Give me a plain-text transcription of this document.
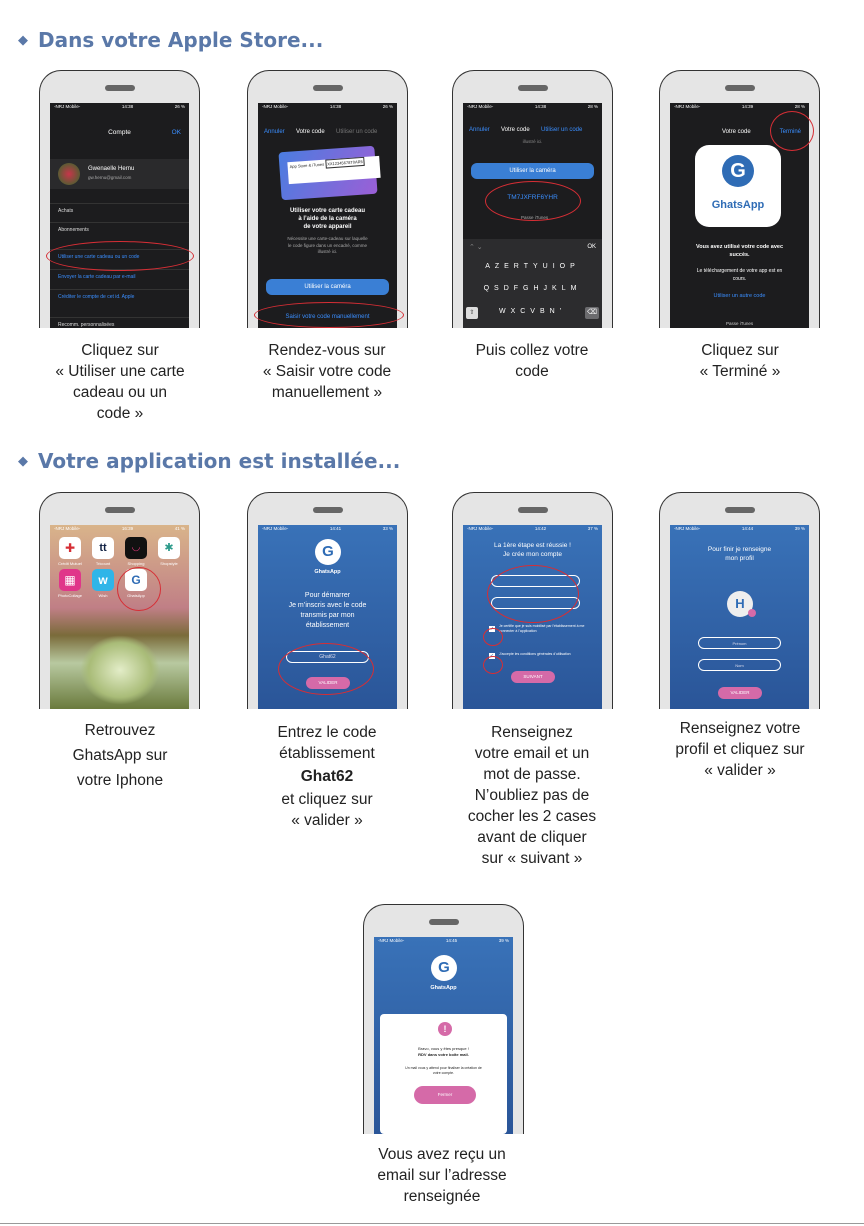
◆ Dans votre Apple Store...
◆ Votre application est installée...
-NRJ Mobile-	14:38	26 %
Compte	OK
Gwenaelle Hernu
gw.hernu@gmail.com
Achats
Abonnements
Utiliser une carte cadeau ou un code
Envoyer la carte cadeau par e-mail
Créditer le compte de cet id. Apple
Recomm. personnalisées
Cliquez sur
« Utiliser une carte
cadeau ou un
code »
-NRJ Mobile-	14:38	26 %
Annuler Votre code Utiliser un code
App Store & iTunes XX12345678T0AR5
Utiliser votre carte cadeau
à l’aide de la caméra
de votre appareil
Nécessite une carte-cadeau sur laquelle
le code figure dans un encadré, comme
illustré ici.
Utiliser la caméra
Saisir votre code manuellement
Rendez-vous sur
« Saisir votre code
manuellement »
-NRJ Mobile-	14:38	28 %
Annuler Votre code Utiliser un code
illustré ici.
Utiliser la caméra
TM7JXFRF6YHR
Passe iTunes
⌃ ⌄	OK
AZERTYUIOP
QSDFGHJKLM
⇧	WXCVBN'	⌫
Puis collez votre
code
-NRJ Mobile-	14:39	28 %
Votre code	Terminé
G
GhatsApp
Vous avez utilisé votre code avec
succès.
Le téléchargement de votre app est en
cours.
Utiliser un autre code
Passe iTunes
Cliquez sur
« Terminé »
-NRJ Mobile-	16:39	41 %
✚
Crédit Mutuel
tt
Tricount
◡
Shopping
✱
Shopstyle
▦
PhotoCollage
w
Wish
G
GhatsApp
Retrouvez
GhatsApp sur
votre Iphone
-NRJ Mobile-	14:41	33 %
G
GhatsApp
Pour démarrer
Je m’inscris avec le code
transmis par mon
établissement
Ghat62
VALIDER
Entrez le code
établissement
Ghat62
et cliquez sur
« valider »
-NRJ Mobile-	14:42	37 %
La 1ère étape est réussie !
Je crée mon compte
✓ Je certifie que je suis mobilisé par l’établissement à me connecter à l’application
✓ J’accepte les conditions générales d’utilisation
SUIVANT
Renseignez
votre email et un
mot de passe.
N’oubliez pas de
cocher les 2 cases
avant de cliquer
sur « suivant »
-NRJ Mobile-	14:44	39 %
Pour finir je renseigne
mon profil
H
Prénom
Nom
VALIDER
Renseignez votre
profil et cliquez sur
« valider »
-NRJ Mobile-	14:45	39 %
G
GhatsApp
!
Bravo, vous y êtes presque !
RDV dans votre boîte mail.
Un mail vous y attend pour finaliser la création de
votre compte.
Fermer
Vous avez reçu un
email sur l’adresse
renseignée
